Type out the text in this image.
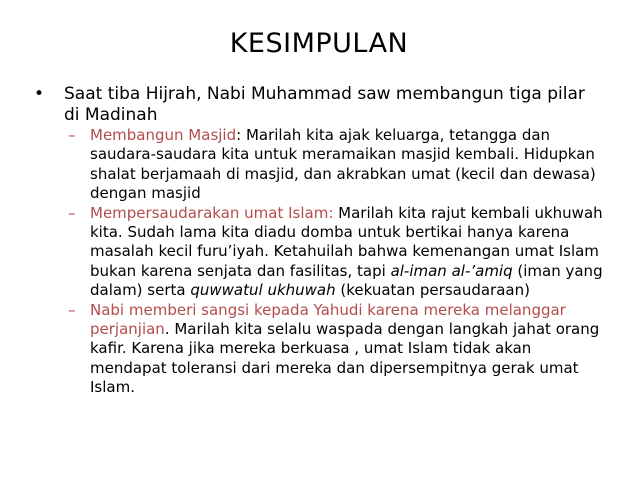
KESIMPULAN
• Saat tiba Hijrah, Nabi Muhammad saw membangun tiga pilar di Madinah

– Membangun Masjid: Marilah kita ajak keluarga, tetangga dan saudara-saudara kita untuk meramaikan masjid kembali. Hidupkan shalat berjamaah di masjid, dan akrabkan umat (kecil dan dewasa) dengan masjid

– Mempersaudarakan umat Islam: Marilah kita rajut kembali ukhuwah kita. Sudah lama kita diadu domba untuk bertikai hanya karena masalah kecil furu’iyah. Ketahuilah bahwa kemenangan umat Islam bukan karena senjata dan fasilitas, tapi al-iman al-’amiq (iman yang dalam) serta quwwatul ukhuwah (kekuatan persaudaraan)

– Nabi memberi sangsi kepada Yahudi karena mereka melanggar perjanjian. Marilah kita selalu waspada dengan langkah jahat orang kafir. Karena jika mereka berkuasa , umat Islam tidak akan mendapat toleransi dari mereka dan dipersempitnya gerak umat Islam.
